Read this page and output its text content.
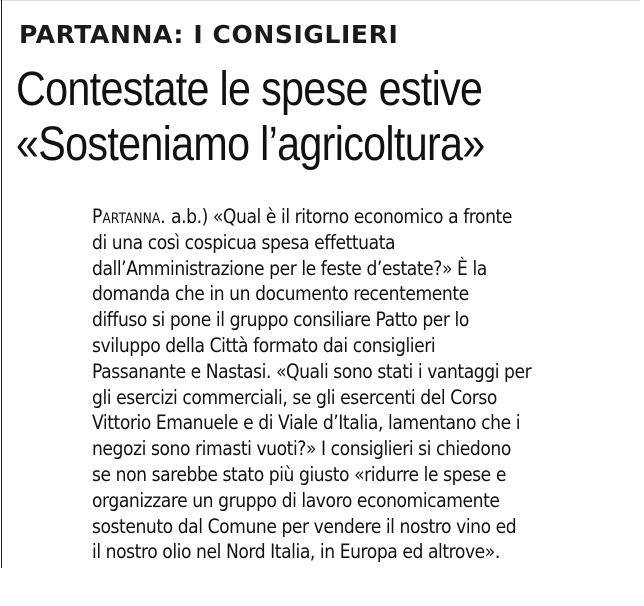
PARTANNA: I CONSIGLIERI
Contestate le spese estive
«Sosteniamo l’agricoltura»
Partanna. a.b.) «Qual è il ritorno economico a fronte
di una così cospicua spesa effettuata
dall’Amministrazione per le feste d’estate?» È la
domanda che in un documento recentemente
diffuso si pone il gruppo consiliare Patto per lo
sviluppo della Città formato dai consiglieri
Passanante e Nastasi. «Quali sono stati i vantaggi per
gli esercizi commerciali, se gli esercenti del Corso
Vittorio Emanuele e di Viale d’Italia, lamentano che i
negozi sono rimasti vuoti?» I consiglieri si chiedono
se non sarebbe stato più giusto «ridurre le spese e
organizzare un gruppo di lavoro economicamente
sostenuto dal Comune per vendere il nostro vino ed
il nostro olio nel Nord Italia, in Europa ed altrove».
